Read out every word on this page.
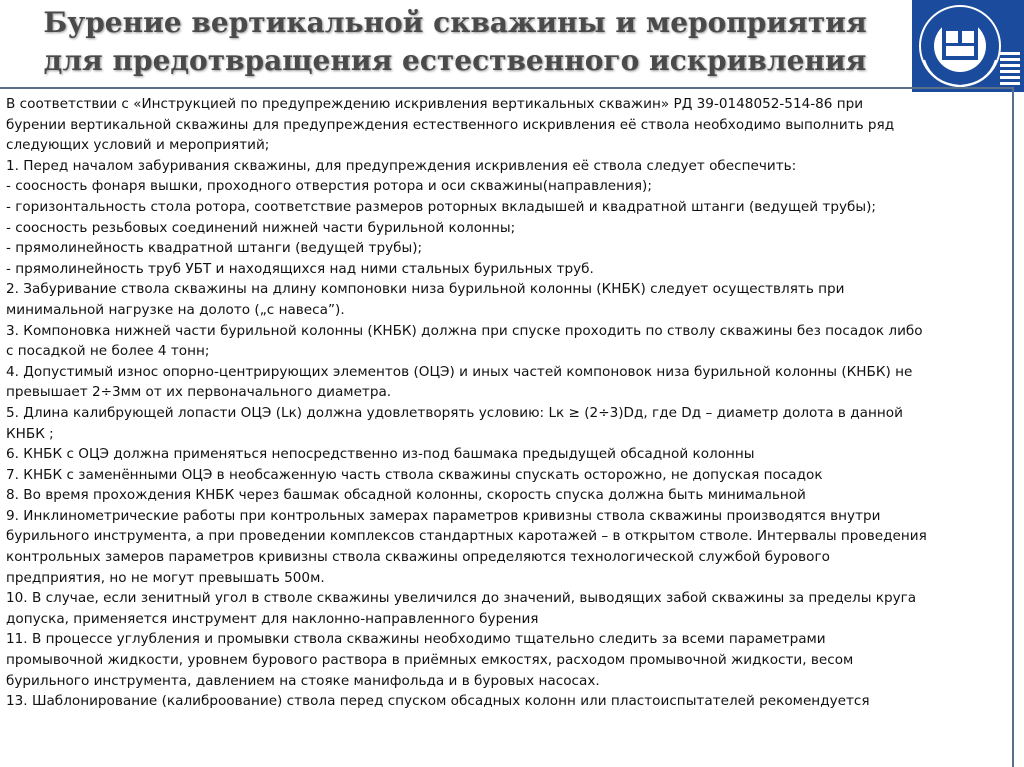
Бурение вертикальной скважины и мероприятия
для предотвращения естественного искривления

В соответствии с «Инструкцией по предупреждению искривления вертикальных скважин» РД 39-0148052-514-86 при

бурении вертикальной скважины для предупреждения естественного искривления её ствола необходимо выполнить ряд

следующих условий и мероприятий;

1. Перед началом забуривания скважины, для предупреждения искривления её ствола следует обеспечить:

- соосность фонаря вышки, проходного отверстия ротора и оси скважины(направления);

- горизонтальность стола ротора, соответствие размеров роторных вкладышей и квадратной штанги (ведущей трубы);

- соосность резьбовых соединений нижней части бурильной колонны;

- прямолинейность квадратной штанги (ведущей трубы);

- прямолинейность труб УБТ и находящихся над ними стальных бурильных труб.

2. Забуривание ствола скважины на длину компоновки низа бурильной колонны (КНБК) следует осуществлять при

минимальной нагрузке на долото („с навеса”).

3. Компоновка нижней части бурильной колонны (КНБК) должна при спуске проходить по стволу скважины без посадок либо

с посадкой не более 4 тонн;

4. Допустимый износ опорно-центрирующих элементов (ОЦЭ) и иных частей компоновок низа бурильной колонны (КНБК) не

превышает 2÷3мм от их первоначального диаметра.

5. Длина калибрующей лопасти ОЦЭ (Lк) должна удовлетворять условию: Lк ≥ (2÷3)Dд, где Dд – диаметр долота в данной

КНБК ;

6. КНБК с ОЦЭ должна применяться непосредственно из-под башмака предыдущей обсадной колонны

7. КНБК с заменёнными ОЦЭ в необсаженную часть ствола скважины спускать осторожно, не допуская посадок

8. Во время прохождения КНБК через башмак обсадной колонны, скорость спуска должна быть минимальной

9. Инклинометрические работы при контрольных замерах параметров кривизны ствола скважины производятся внутри

бурильного инструмента, а при проведении комплексов стандартных каротажей – в открытом стволе. Интервалы проведения

контрольных замеров параметров кривизны ствола скважины определяются технологической службой бурового

предприятия, но не могут превышать 500м.

10. В случае, если зенитный угол в стволе скважины увеличился до значений, выводящих забой скважины за пределы круга

допуска, применяется инструмент для наклонно-направленного бурения

11. В процессе углубления и промывки ствола скважины необходимо тщательно следить за всеми параметрами

промывочной жидкости, уровнем бурового раствора в приёмных емкостях, расходом промывочной жидкости, весом

бурильного инструмента, давлением на стояке манифольда и в буровых насосах.

13. Шаблонирование (калиброование) ствола перед спуском обсадных колонн или пластоиспытателей рекомендуется
